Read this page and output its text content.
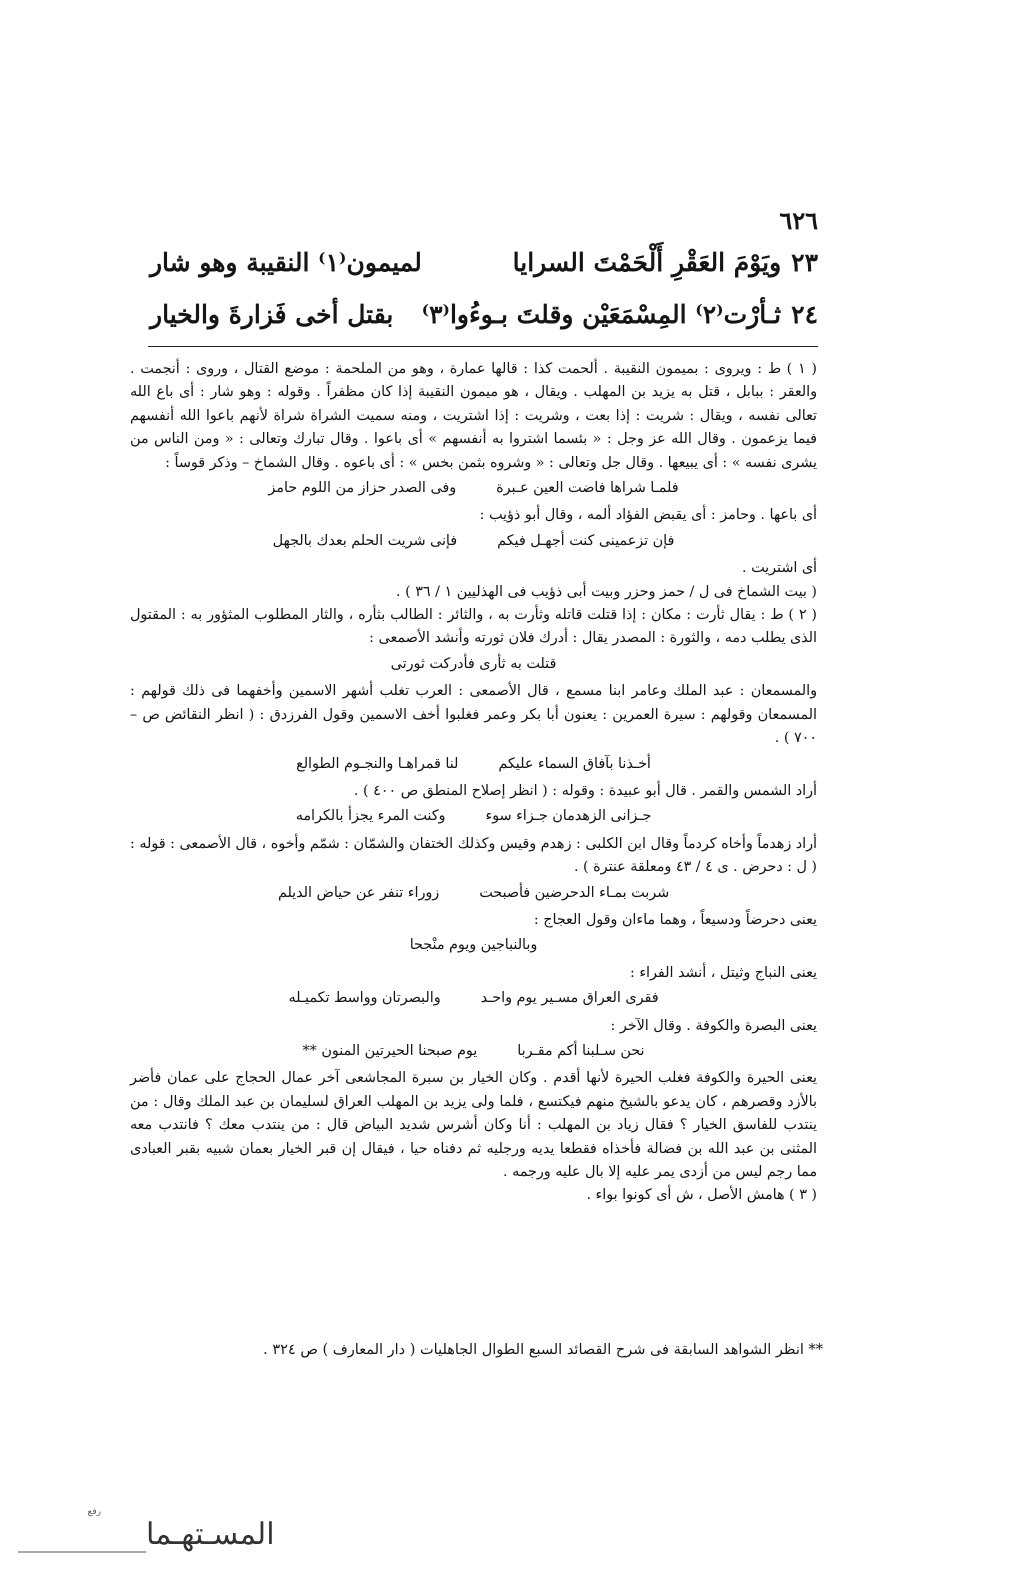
٦٢٦
٢٣
ويَوْمَ العَقْرِ أَلْحَمْتَ السرايا
لميمون⁽١⁾ النقيبة وهو شار
٢٤
ثـأرْت⁽٢⁾ المِسْمَعَيْن وقلتَ بـوءُوا⁽٣⁾
بقتل أخى فَزارةَ والخيار

( ١ ) ط : ويروى : بميمون النقيبة . ألحمت كذا : قالها عمارة ، وهو من الملحمة : موضع القتال ، وروى : أنجمت . والعقر : ببابل ، قتل به يزيد بن المهلب . ويقال ، هو ميمون النقيبة إذا كان مظفراً . وقوله : وهو شار : أى باع الله تعالى نفسه ، ويقال : شريت : إذا بعت ، وشريت : إذا اشتريت ، ومنه سميت الشراة شراة لأنهم باعوا الله أنفسهم فيما يزعمون . وقال الله عز وجل : « بئسما اشتروا به أنفسهم » أى باعوا . وقال تبارك وتعالى : « ومن الناس من يشرى نفسه » : أى يبيعها . وقال جل وتعالى : « وشروه بثمن بخس » : أى باعوه . وقال الشماخ – وذكر قوساً :

فلمـا شراها فاضت العين عـبرة
وفى الصدر حزاز من اللوم حامز

أى باعها . وحامز : أى يقبض الفؤاد ألمه ، وقال أبو ذؤيب :

فإن تزعمينى كنت أجهـل فيكم
فإنى شريت الحلم بعدك بالجهل

أى اشتريت .

( بيت الشماخ فى ل / حمز وحزر وبيت أبى ذؤيب فى الهذليين ١ / ٣٦ ) .

( ٢ ) ط : يقال ثأرت : مكان : إذا قتلت قاتله وثأرت به ، والثائر : الطالب بثأره ، والثار المطلوب المثؤور به : المقتول الذى يطلب دمه ، والثورة : المصدر يقال : أدرك فلان ثورته وأنشد الأصمعى :

قتلت به ثأرى فأدركت ثورتى

والمسمعان : عبد الملك وعامر ابنا مسمع ، قال الأصمعى : العرب تغلب أشهر الاسمين وأخفهما فى ذلك قولهم : المسمعان وقولهم : سيرة العمرين : يعنون أبا بكر وعمر فغلبوا أخف الاسمين وقول الفرزدق : ( انظر النقائض ص – ٧٠٠ ) .

أخـذنا بآفاق السماء عليكم
لنا قمراهـا والنجـوم الطوالع

أراد الشمس والقمر . قال أبو عبيدة : وقوله : ( انظر إصلاح المنطق ص ٤٠٠ ) .

جـزانى الزهدمان جـزاء سوء
وكنت المرء يجزأ بالكرامه

أراد زهدماً وأخاه كردماً وقال ابن الكلبى : زهدم وقيس وكذلك الختفان والشمّان : شمّم وأخوه ، قال الأصمعى : قوله : ( ل : دحرض . ى ٤ / ٤٣ ومعلقة عنترة ) .

شربت بمـاء الدحرضين فأصبحت
زوراء تنفر عن حياض الديلم

يعنى دحرضاً ودسيعاً ، وهما ماءان وقول العجاج :

وبالنباجين ويوم منْجحا

يعنى النباج وثيتل ، أنشد الفراء :

فقرى العراق مسـير يوم واحـد
والبصرتان وواسط تكميـله

يعنى البصرة والكوفة . وقال الآخر :

نحن سـلبنا أكم مقـربا
يوم صبحنا الحيرتين المنون **

يعنى الحيرة والكوفة فغلب الحيرة لأنها أقدم . وكان الخيار بن سبرة المجاشعى آخر عمال الحجاج على عمان فأضر بالأزد وقصرهم ، كان يدعو بالشيخ منهم فيكتسع ، فلما ولى يزيد بن المهلب العراق لسليمان بن عبد الملك وقال : من ينتدب للفاسق الخيار ؟ فقال زياد بن المهلب : أنا وكان أشرس شديد البياض قال : من ينتدب معك ؟ فانتدب معه المثنى بن عبد الله بن فضالة فأخذاه فقطعا يديه ورجليه ثم دفناه حيا ، فيقال إن قبر الخيار بعمان شبيه بقبر العبادى مما رجم ليس من أزدى يمر عليه إلا بال عليه ورجمه .

( ٣ ) هامش الأصل ، ش أى كونوا بواء .

** انظر الشواهد السابقة فى شرح القصائد السبع الطوال الجاهليات ( دار المعارف ) ص ٣٢٤ .
رفع
المسـتهـما
